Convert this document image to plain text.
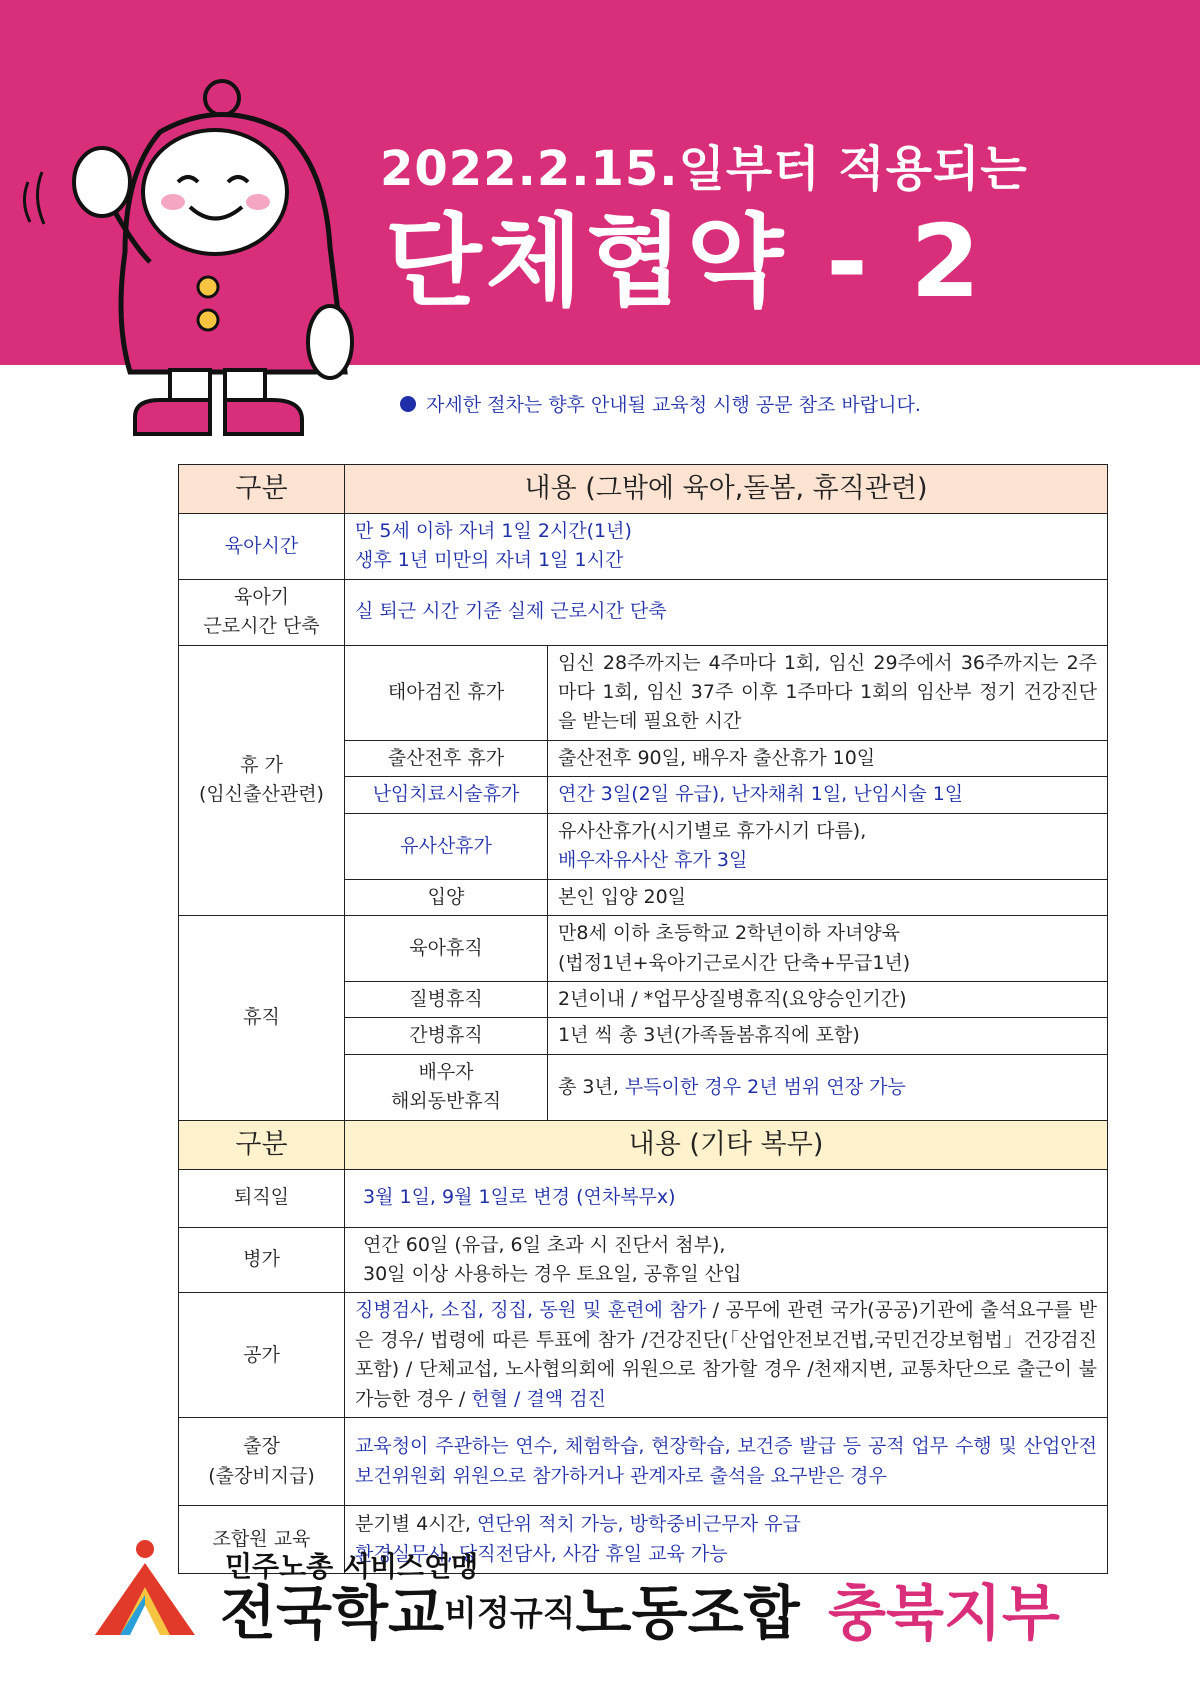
2022.2.15.일부터 적용되는
단체협약 - 2
자세한 절차는 향후 안내될 교육청 시행 공문 참조 바랍니다.
구분	내용 (그밖에 육아,돌봄, 휴직관련)	
육아시간	만 5세 이하 자녀 1일 2시간(1년)
생후 1년 미만의 자녀 1일 1시간	

육아기
근로시간 단축	실 퇴근 시간 기준 실제 근로시간 단축	

휴 가
(임신출산관련)	태아검진 휴가	임신 28주까지는 4주마다 1회, 임신 29주에서 36주까지는 2주마다 1회, 임신 37주 이후 1주마다 1회의 임산부 정기 건강진단을 받는데 필요한 시간
	출산전후 휴가	출산전후 90일, 배우자 출산휴가 10일
	난임치료시술휴가	연간 3일(2일 유급), 난자채취 1일, 난임시술 1일
	유사산휴가	유사산휴가(시기별로 휴가시기 다름),
배우자유사산 휴가 3일

	입양	본인 입양 20일
휴직	육아휴직	만8세 이하 초등학교 2학년이하 자녀양육
(법정1년+육아기근로시간 단축+무급1년)

	질병휴직	2년이내 / *업무상질병휴직(요양승인기간)
	간병휴직	1년 씩 총 3년(가족돌봄휴직에 포함)

	배우자
해외동반휴직	총 3년, 부득이한 경우 2년 범위 연장 가능
구분	내용 (기타 복무)	
퇴직일	3월 1일, 9월 1일로 변경 (연차복무x)	
병가	연간 60일 (유급, 6일 초과 시 진단서 첨부),
30일 이상 사용하는 경우 토요일, 공휴일 산입	

공가	징병검사, 소집, 징집, 동원 및 훈련에 참가 / 공무에 관련 국가(공공)기관에 출석요구를 받은 경우/ 법령에 따른 투표에 참가 /건강진단(「산업안전보건법,국민건강보험법」건강검진 포함) / 단체교섭, 노사협의회에 위원으로 참가할 경우 /천재지변, 교통차단으로 출근이 불가능한 경우 / 헌혈 / 결액 검진	

출장
(출장비지급)	교육청이 주관하는 연수, 체험학습, 현장학습, 보건증 발급 등 공적 업무 수행 및 산업안전보건위원회 위원으로 참가하거나 관계자로 출석을 요구받은 경우	
조합원 교육	분기별 4시간, 연단위 적치 가능, 방학중비근무자 유급
환경실무사, 당직전담사, 사감 휴일 교육 가능	
민주노총 서비스연맹
전국학교비정규직노동조합 충북지부
